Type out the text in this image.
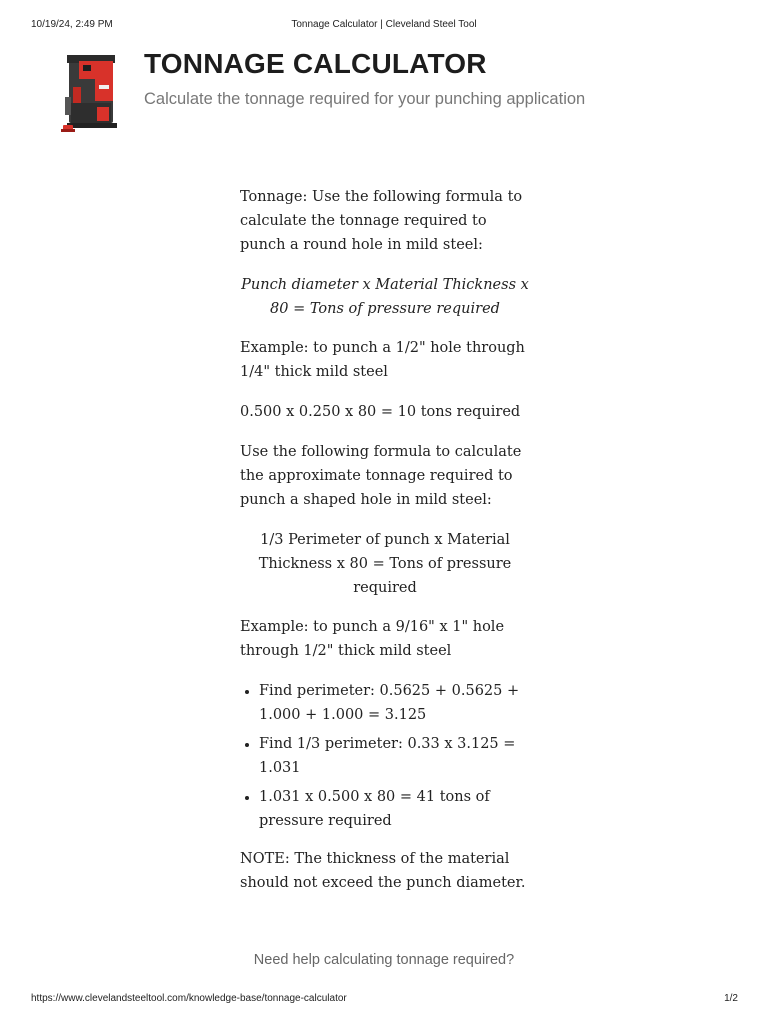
10/19/24, 2:49 PM	Tonnage Calculator | Cleveland Steel Tool
TONNAGE CALCULATOR

Calculate the tonnage required for your punching application

Tonnage: Use the following formula to calculate the tonnage required to punch a round hole in mild steel:

Punch diameter x Material Thickness x 80 = Tons of pressure required

Example: to punch a 1/2" hole through 1/4" thick mild steel

0.500 x 0.250 x 80 = 10 tons required

Use the following formula to calculate the approximate tonnage required to punch a shaped hole in mild steel:

1/3 Perimeter of punch x Material Thickness x 80 = Tons of pressure required

Example: to punch a 9/16" x 1" hole through 1/2" thick mild steel

• Find perimeter: 0.5625 + 0.5625 + 1.000 + 1.000 = 3.125
• Find 1/3 perimeter: 0.33 x 3.125 = 1.031
• 1.031 x 0.500 x 80 = 41 tons of pressure required

NOTE: The thickness of the material should not exceed the punch diameter.

Need help calculating tonnage required?
https://www.clevelandsteeltool.com/knowledge-base/tonnage-calculator	1/2
